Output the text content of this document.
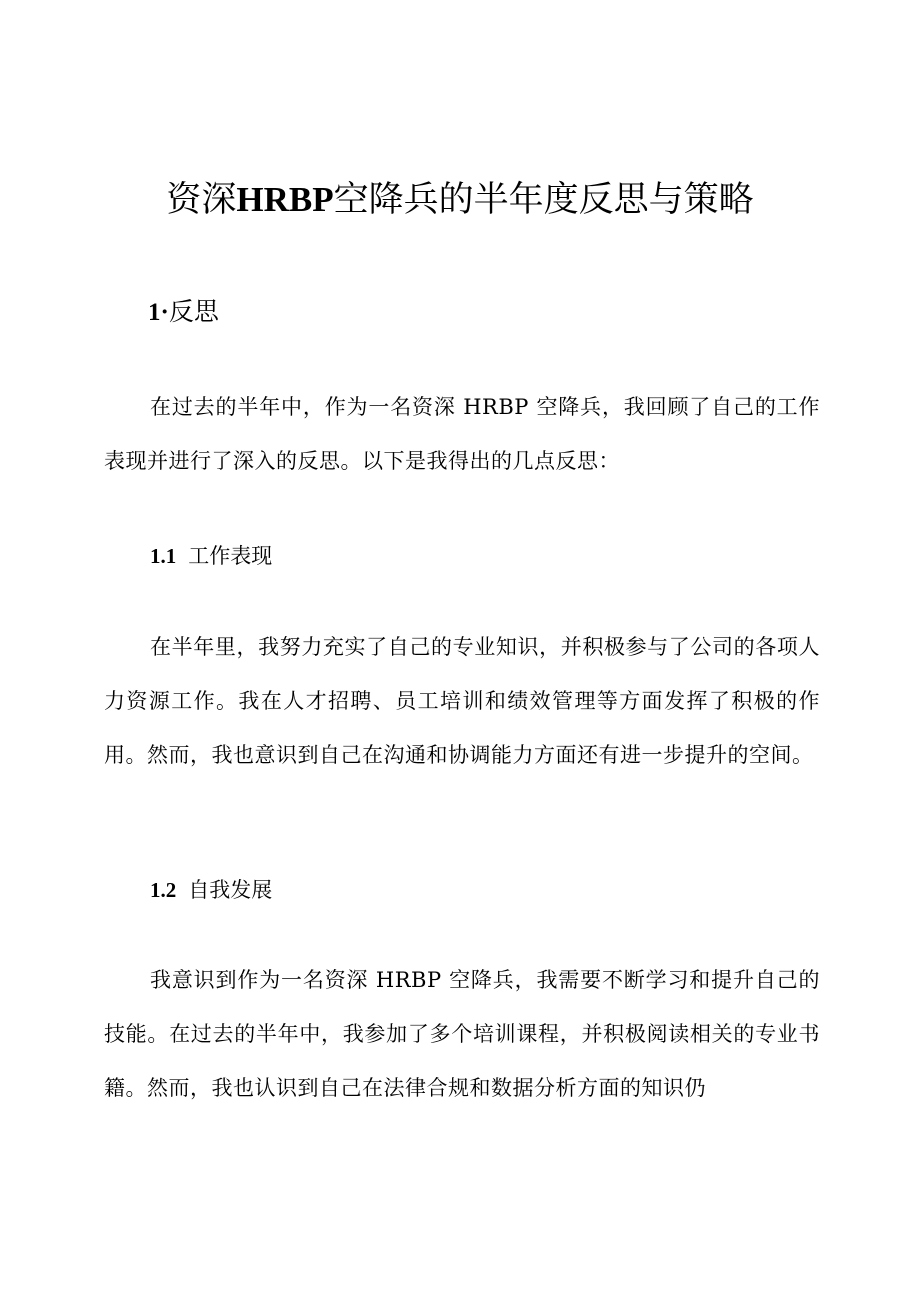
资深HRBP空降兵的半年度反思与策略
1·反思

在过去的半年中，作为一名资深 HRBP 空降兵，我回顾了自己的工作表现并进行了深入的反思。以下是我得出的几点反思：

1.1 工作表现

在半年里，我努力充实了自己的专业知识，并积极参与了公司的各项人力资源工作。我在人才招聘、员工培训和绩效管理等方面发挥了积极的作用。然而，我也意识到自己在沟通和协调能力方面还有进一步提升的空间。

1.2 自我发展

我意识到作为一名资深 HRBP 空降兵，我需要不断学习和提升自己的技能。在过去的半年中，我参加了多个培训课程，并积极阅读相关的专业书籍。然而，我也认识到自己在法律合规和数据分析方面的知识仍
